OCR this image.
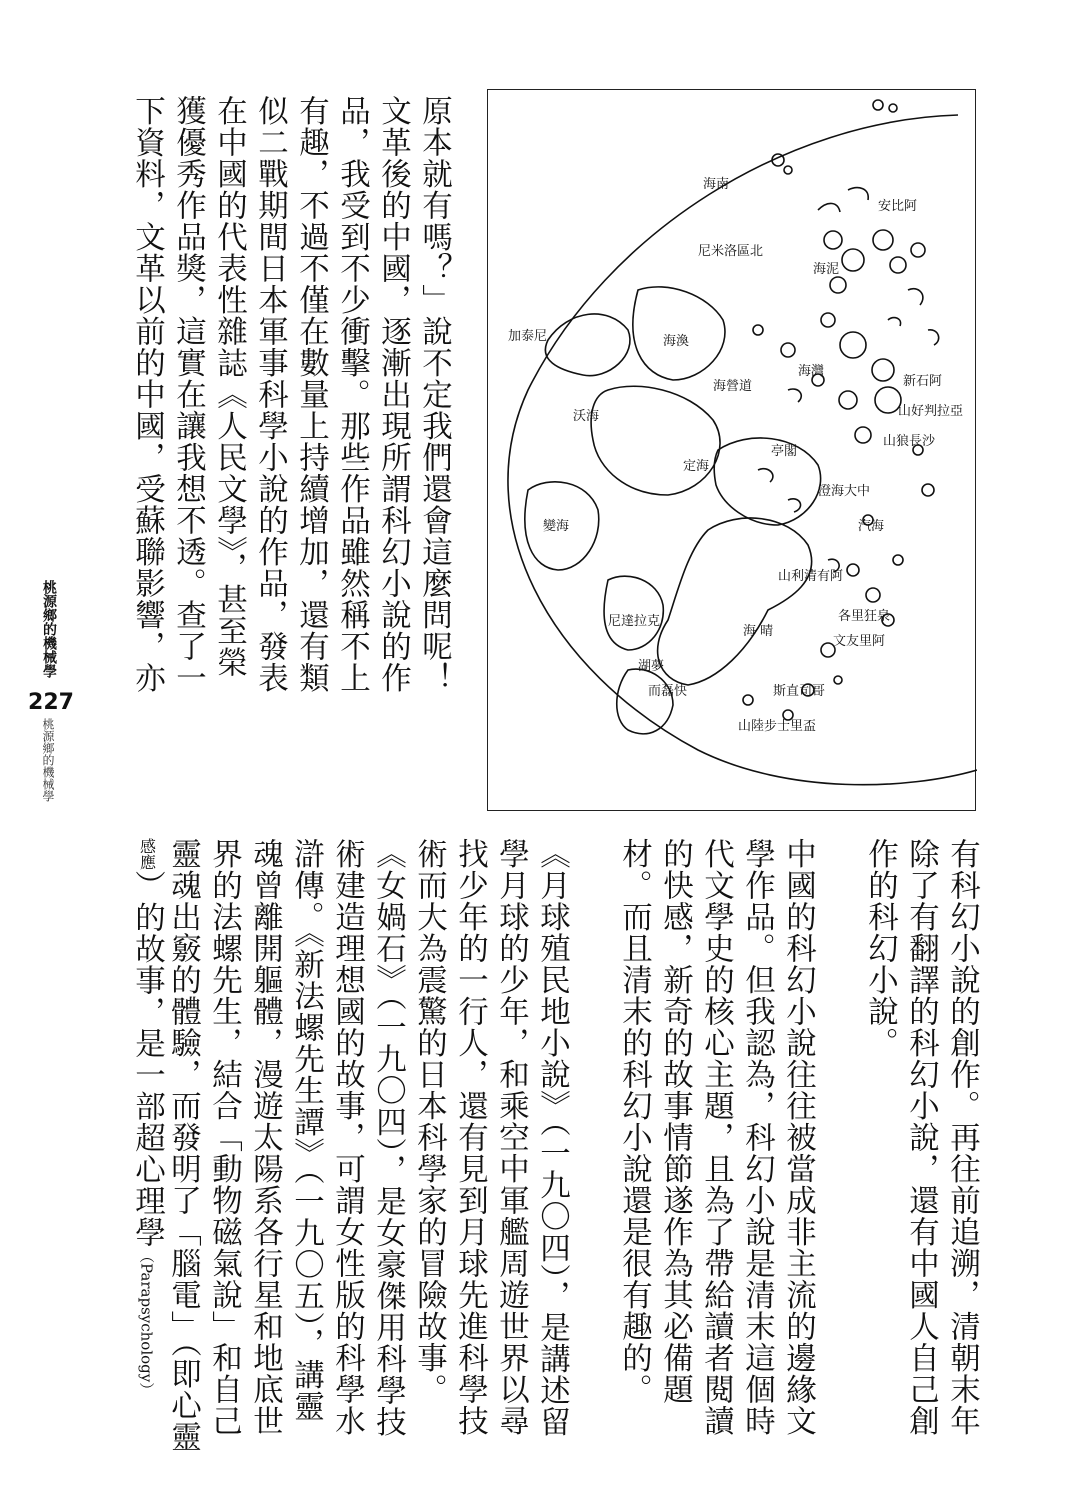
桃源鄉的機械學
227
桃源鄉的機械學
原本就有嗎？」說不定我們還會這麼問呢！
文革後的中國，逐漸出現所謂科幻小說的作
品，我受到不少衝擊。那些作品雖然稱不上
有趣，不過不僅在數量上持續增加，還有類
似二戰期間日本軍事科學小說的作品，發表
在中國的代表性雜誌《人民文學》，甚至榮
獲優秀作品獎，這實在讓我想不透。查了一
下資料，文革以前的中國，受蘇聯影響，亦	海南
尼米洛區北
海泥
海渙
沃海
海營道
海灣
亭閣
定海
澄海大中
汽海
變海
山利清有阿
尼達拉克
海 晴
湖夢
而磊快	斯直司哥
山陸步士里盃
文友里阿
各里狂泉
安比阿
新石阿
山好判拉亞
山狼長沙
加泰尼
有科幻小說的創作。再往前追溯，清朝末年
除了有翻譯的科幻小說，還有中國人自己創
作的科幻小說。
中國的科幻小說往往被當成非主流的邊緣文
學作品。但我認為，科幻小說是清末這個時
代文學史的核心主題，且為了帶給讀者閱讀
的快感，新奇的故事情節遂作為其必備題
材。而且清末的科幻小說還是很有趣的。
《月球殖民地小說》（一九〇四），是講述留
學月球的少年，和乘空中軍艦周遊世界以尋
找少年的一行人，還有見到月球先進科學技
術而大為震驚的日本科學家的冒險故事。
《女媧石》（一九〇四），是女豪傑用科學技
術建造理想國的故事，可謂女性版的科學水
滸傳。《新法螺先生譚》（一九〇五），講靈
魂曾離開軀體，漫遊太陽系各行星和地底世
界的法螺先生，結合「動物磁氣說」和自己
靈魂出竅的體驗，而發明了「腦電」（即心靈
感應）的故事，是一部超心理學（Parapsychology）
